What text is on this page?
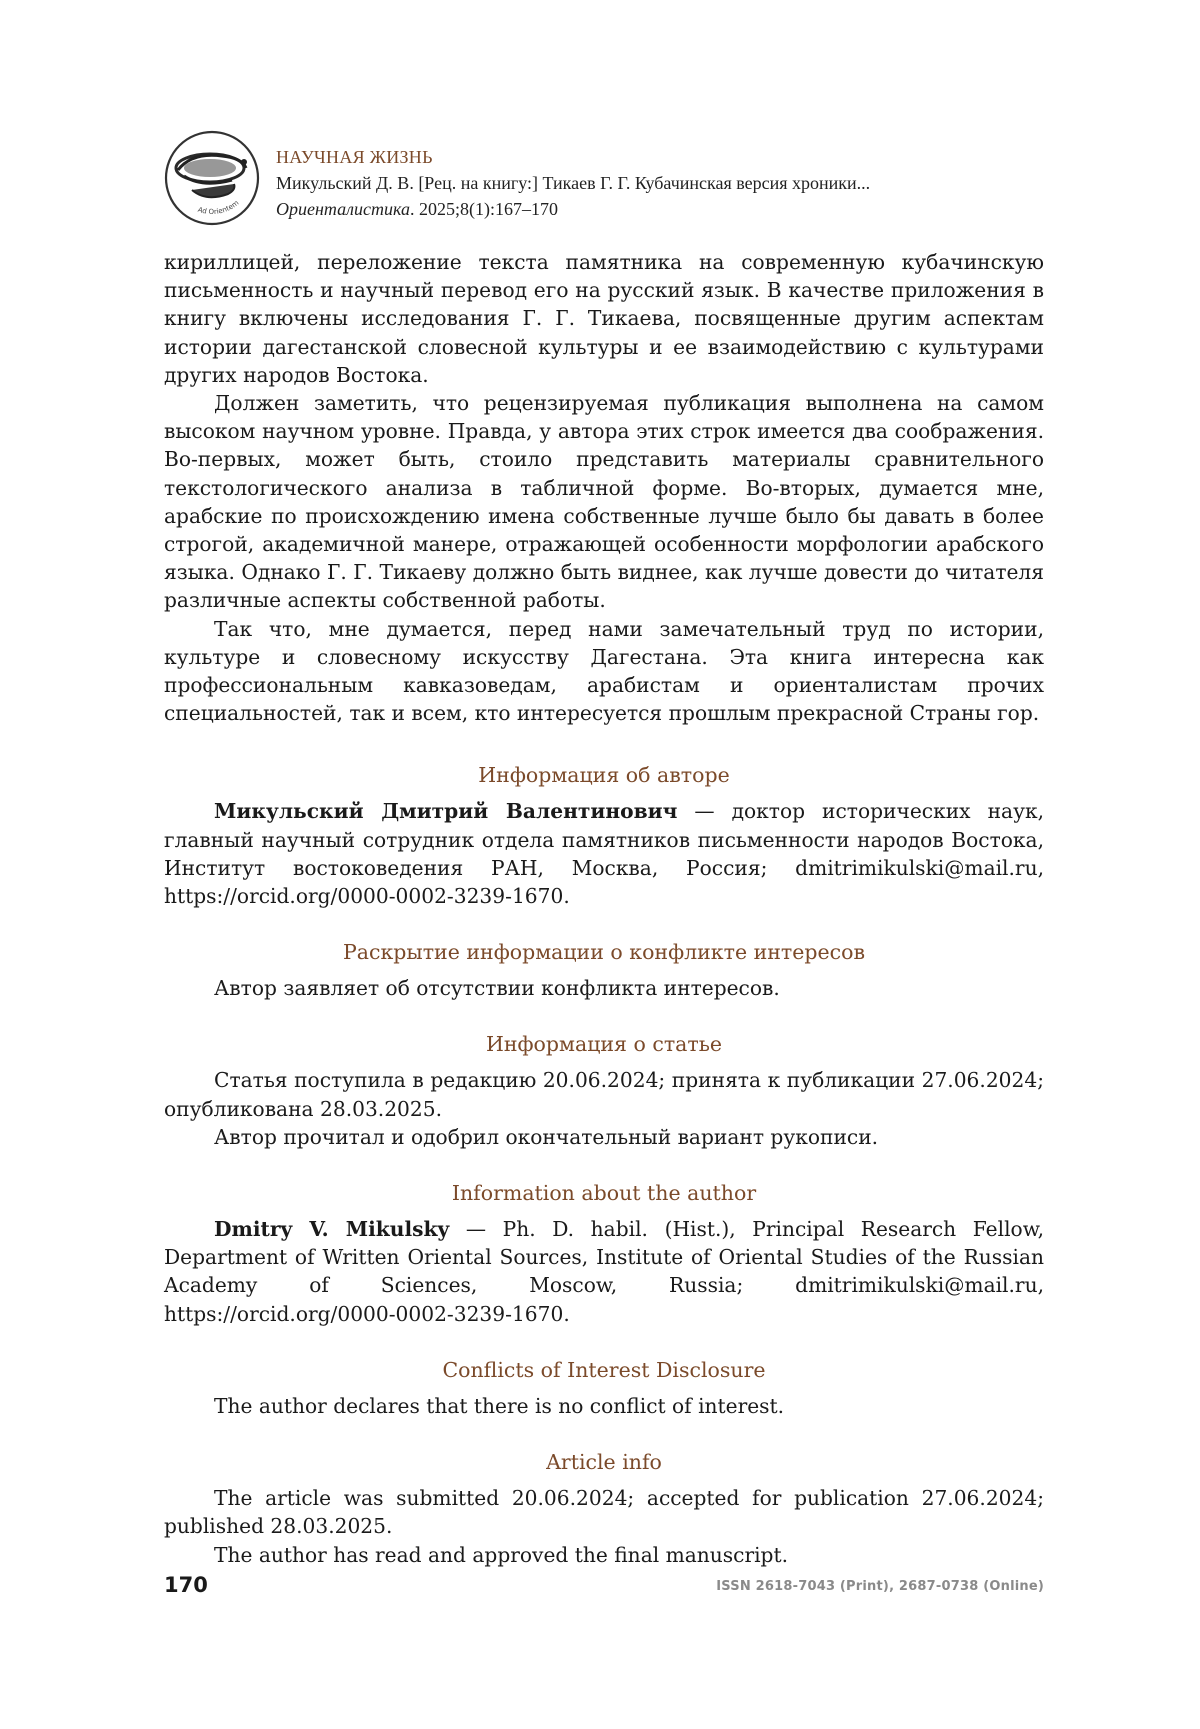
Ad Orientem
НАУЧНАЯ ЖИЗНЬ
Микульский Д. В. [Рец. на книгу:] Тикаев Г. Г. Кубачинская версия хроники...
Ориенталистика. 2025;8(1):167–170

кириллицей, переложение текста памятника на современную кубачинскую письменность и научный перевод его на русский язык. В качестве приложения в книгу включены исследования Г. Г. Тикаева, посвященные другим аспектам истории дагестанской словесной культуры и ее взаимодействию с культурами других народов Востока.

Должен заметить, что рецензируемая публикация выполнена на самом высоком научном уровне. Правда, у автора этих строк имеется два соображения. Во-первых, может быть, стоило представить материалы сравнительного текстологического анализа в табличной форме. Во-вторых, думается мне, арабские по происхождению имена собственные лучше было бы давать в более строгой, академичной манере, отражающей особенности морфологии арабского языка. Однако Г. Г. Тикаеву должно быть виднее, как лучше довести до читателя различные аспекты собственной работы.

Так что, мне думается, перед нами замечательный труд по истории, культуре и словесному искусству Дагестана. Эта книга интересна как профессиональным кавказоведам, арабистам и ориенталистам прочих специальностей, так и всем, кто интересуется прошлым прекрасной Страны гор.

Информация об авторе

Микульский Дмитрий Валентинович — доктор исторических наук, главный научный сотрудник отдела памятников письменности народов Востока, Институт востоковедения РАН, Москва, Россия; dmitrimikulski@mail.ru, https://orcid.org/0000-0002-3239-1670.

Раскрытие информации о конфликте интересов

Автор заявляет об отсутствии конфликта интересов.

Информация о статье

Статья поступила в редакцию 20.06.2024; принята к публикации 27.06.2024; опубликована 28.03.2025.

Автор прочитал и одобрил окончательный вариант рукописи.

Information about the author

Dmitry V. Mikulsky — Ph. D. habil. (Hist.), Principal Research Fellow, Department of Written Oriental Sources, Institute of Oriental Studies of the Russian Academy of Sciences, Moscow, Russia; dmitrimikulski@mail.ru, https://orcid.org/0000-0002-3239-1670.

Conflicts of Interest Disclosure

The author declares that there is no conflict of interest.

Article info

The article was submitted 20.06.2024; accepted for publication 27.06.2024; published 28.03.2025.

The author has read and approved the final manuscript.

170	ISSN 2618-7043 (Print), 2687-0738 (Online)
